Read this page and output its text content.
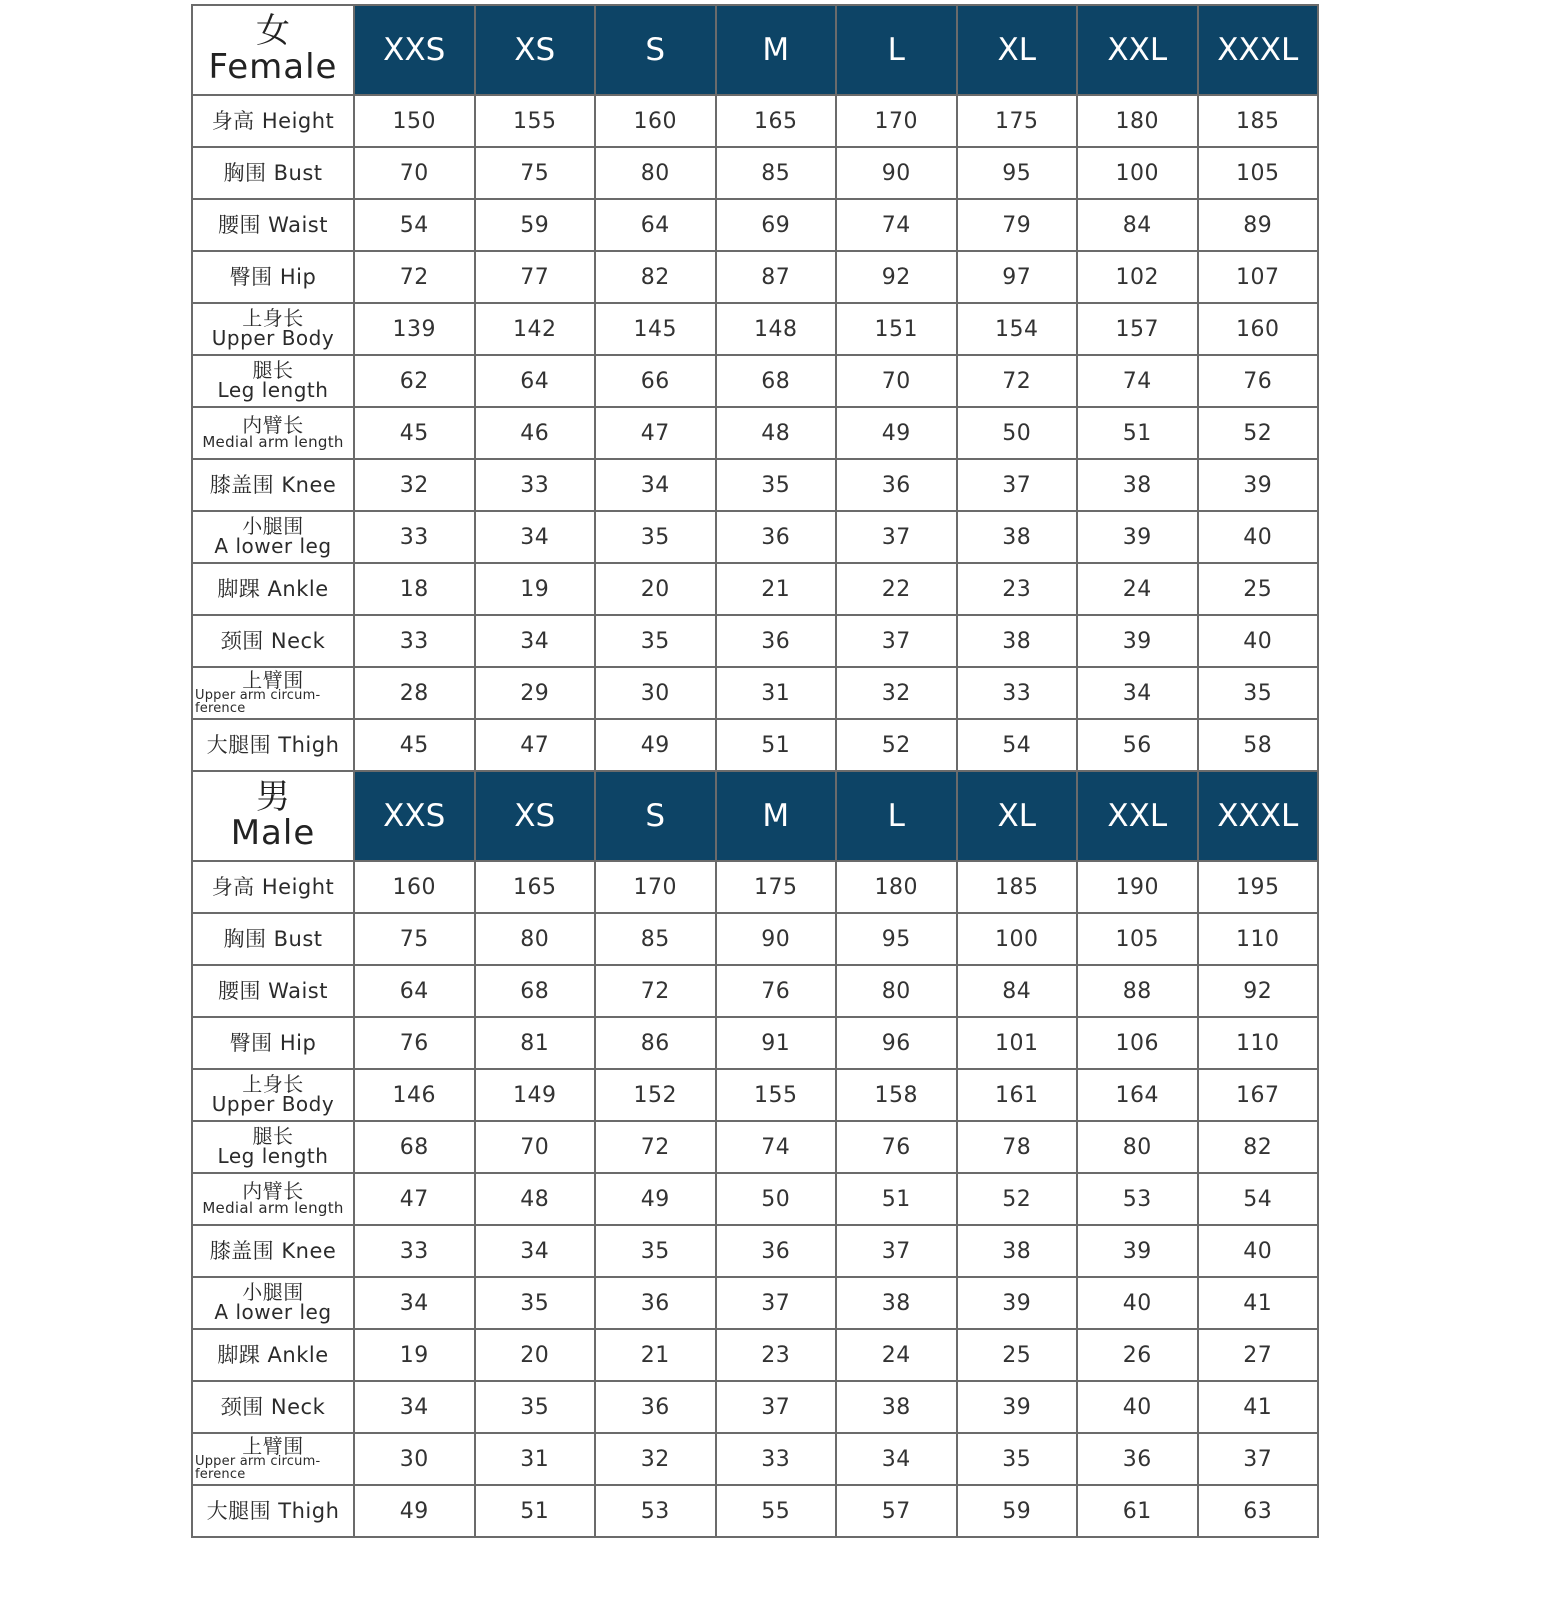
女
Female	XXS	XS	S	M	L	XL	XXL	XXXL

身高 Height	150	155	160	165	170	175	180	185

胸围 Bust	70	75	80	85	90	95	100	105

腰围 Waist	54	59	64	69	74	79	84	89

臀围 Hip	72	77	82	87	92	97	102	107

上身长
Upper Body	139	142	145	148	151	154	157	160

腿长
Leg length	62	64	66	68	70	72	74	76

内臂长
Medial arm length	45	46	47	48	49	50	51	52

膝盖围 Knee	32	33	34	35	36	37	38	39

小腿围
A lower leg	33	34	35	36	37	38	39	40

脚踝 Ankle	18	19	20	21	22	23	24	25

颈围 Neck	33	34	35	36	37	38	39	40

上臂围
Upper arm circum-
ference	28	29	30	31	32	33	34	35

大腿围 Thigh	45	47	49	51	52	54	56	58

男
Male	XXS	XS	S	M	L	XL	XXL	XXXL

身高 Height	160	165	170	175	180	185	190	195

胸围 Bust	75	80	85	90	95	100	105	110

腰围 Waist	64	68	72	76	80	84	88	92

臀围 Hip	76	81	86	91	96	101	106	110

上身长
Upper Body	146	149	152	155	158	161	164	167

腿长
Leg length	68	70	72	74	76	78	80	82

内臂长
Medial arm length	47	48	49	50	51	52	53	54

膝盖围 Knee	33	34	35	36	37	38	39	40

小腿围
A lower leg	34	35	36	37	38	39	40	41

脚踝 Ankle	19	20	21	23	24	25	26	27

颈围 Neck	34	35	36	37	38	39	40	41

上臂围
Upper arm circum-
ference	30	31	32	33	34	35	36	37

大腿围 Thigh	49	51	53	55	57	59	61	63
